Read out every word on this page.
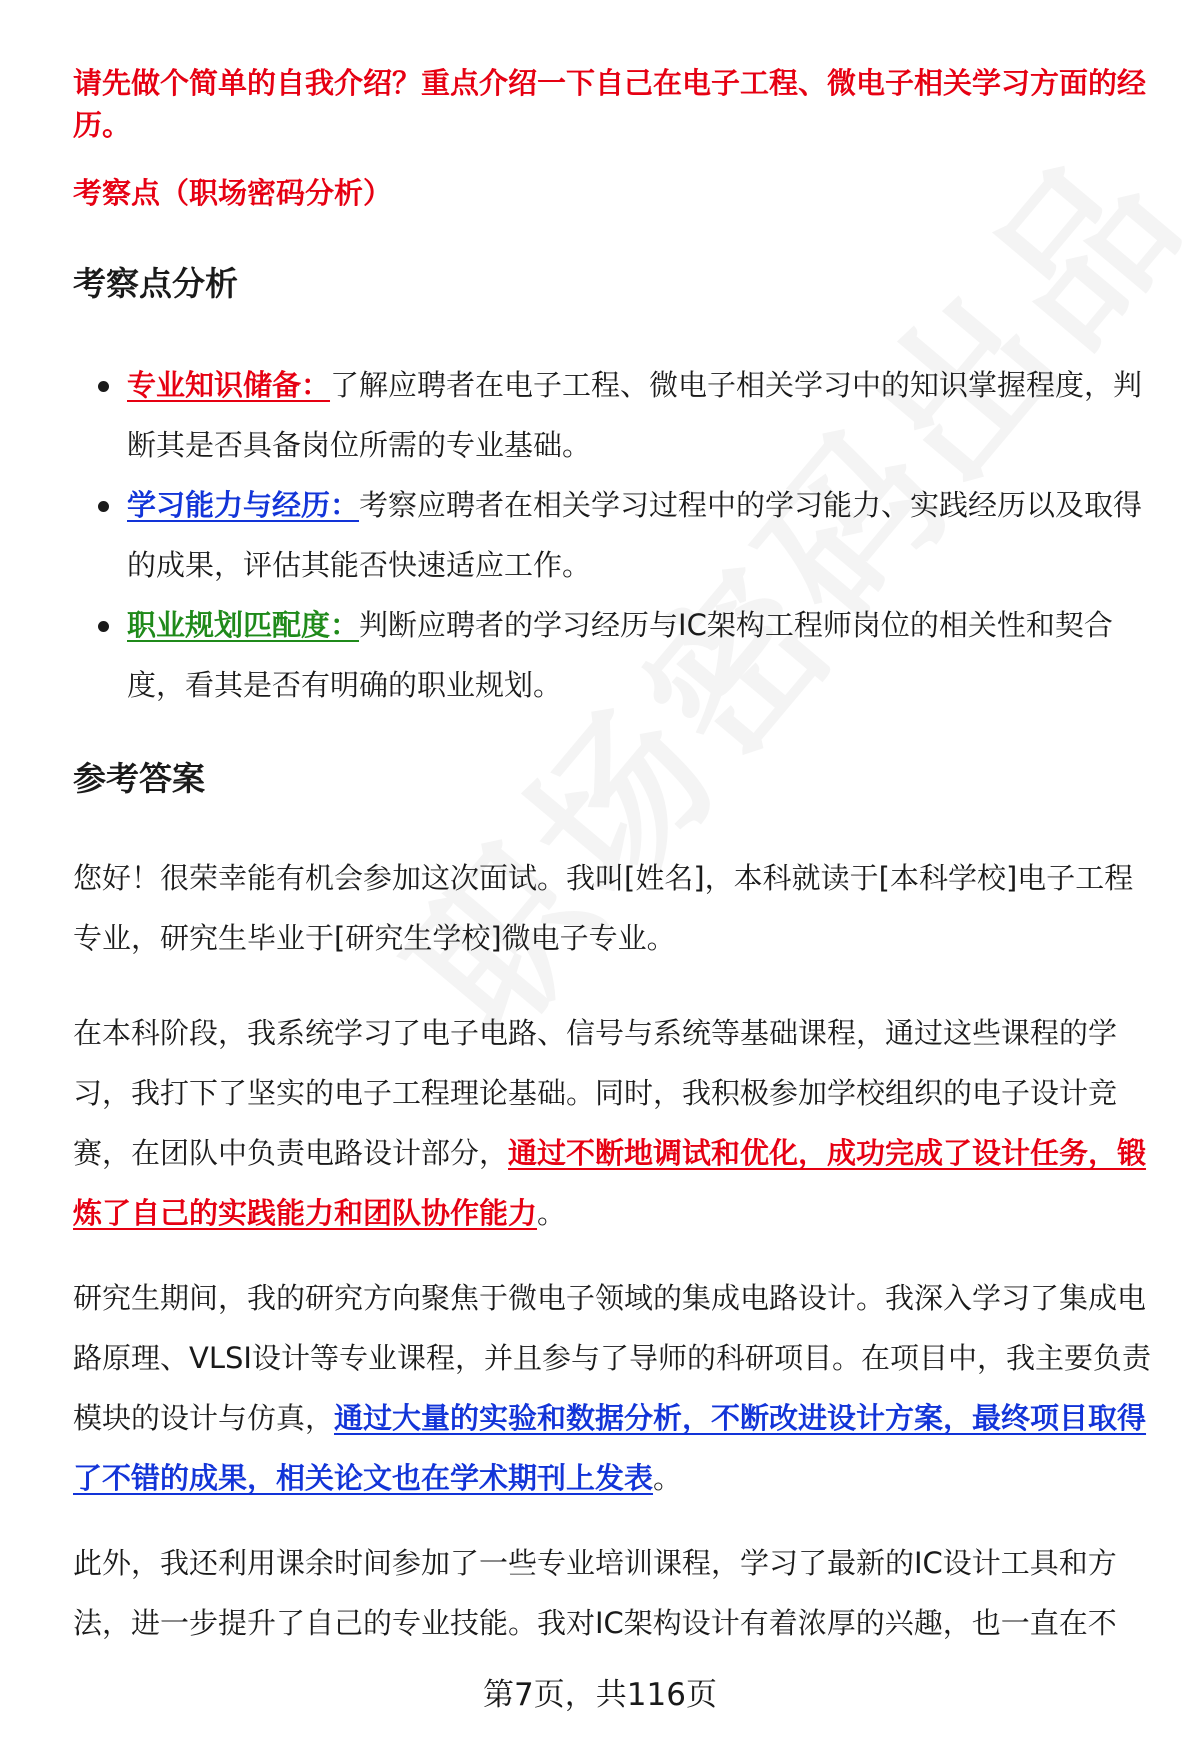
请先做个简单的自我介绍？重点介绍一下自己在电子工程、微电子相关学习方面的经历。
考察点（职场密码分析）
考察点分析
专业知识储备：了解应聘者在电子工程、微电子相关学习中的知识掌握程度，判断其是否具备岗位所需的专业基础。
学习能力与经历：考察应聘者在相关学习过程中的学习能力、实践经历以及取得的成果，评估其能否快速适应工作。
职业规划匹配度：判断应聘者的学习经历与IC架构工程师岗位的相关性和契合度，看其是否有明确的职业规划。
参考答案

您好！很荣幸能有机会参加这次面试。我叫[姓名]，本科就读于[本科学校]电子工程专业，研究生毕业于[研究生学校]微电子专业。

在本科阶段，我系统学习了电子电路、信号与系统等基础课程，通过这些课程的学习，我打下了坚实的电子工程理论基础。同时，我积极参加学校组织的电子设计竞赛，在团队中负责电路设计部分，通过不断地调试和优化，成功完成了设计任务，锻炼了自己的实践能力和团队协作能力。

研究生期间，我的研究方向聚焦于微电子领域的集成电路设计。我深入学习了集成电路原理、VLSI设计等专业课程，并且参与了导师的科研项目。在项目中，我主要负责模块的设计与仿真，通过大量的实验和数据分析，不断改进设计方案，最终项目取得了不错的成果，相关论文也在学术期刊上发表。

此外，我还利用课余时间参加了一些专业培训课程，学习了最新的IC设计工具和方法，进一步提升了自己的专业技能。我对IC架构设计有着浓厚的兴趣，也一直在不

第7页，共116页
